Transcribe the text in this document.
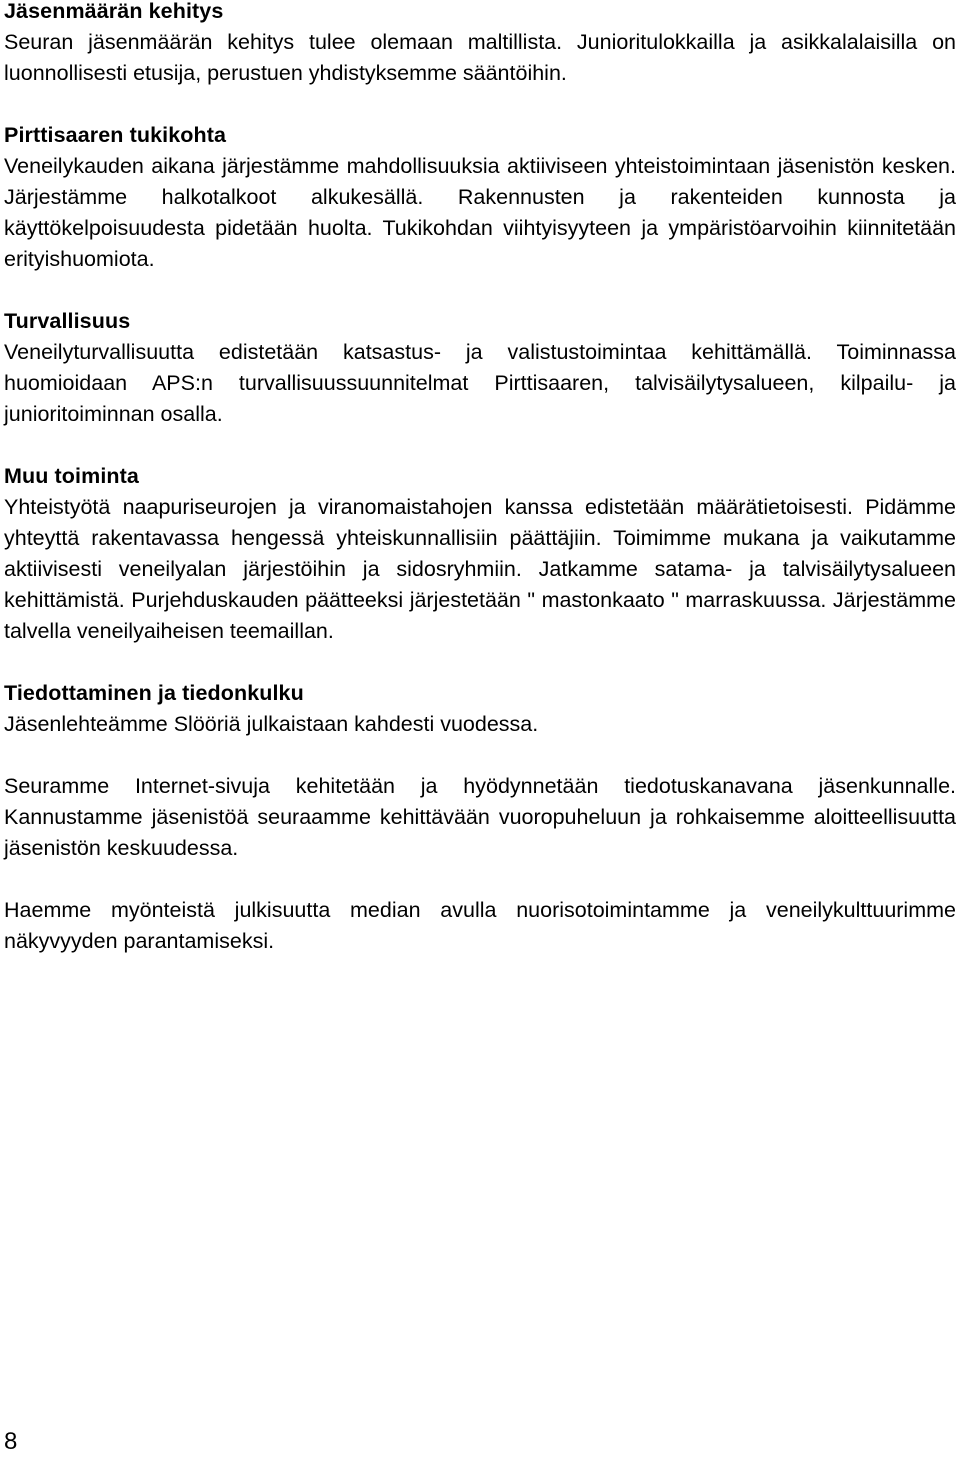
Jäsenmäärän kehitys

Seuran jäsenmäärän kehitys tulee olemaan maltillista. Junioritulokkailla ja asikkalalaisilla on luonnollisesti etusija, perustuen yhdistyksemme sääntöihin.

Pirttisaaren tukikohta

Veneilykauden aikana järjestämme mahdollisuuksia aktiiviseen yhteistoimintaan jäsenistön kesken. Järjestämme halkotalkoot alkukesällä. Rakennusten ja rakenteiden kunnosta ja käyttökelpoisuudesta pidetään huolta. Tukikohdan viihtyisyyteen ja ympäristöarvoihin kiinnitetään erityishuomiota.

Turvallisuus

Veneilyturvallisuutta edistetään katsastus- ja valistustoimintaa kehittämällä. Toiminnassa huomioidaan APS:n turvallisuussuunnitelmat Pirttisaaren, talvisäilytysalueen, kilpailu- ja junioritoiminnan osalla.

Muu toiminta

Yhteistyötä naapuriseurojen ja viranomaistahojen kanssa edistetään määrätietoisesti. Pidämme yhteyttä rakentavassa hengessä yhteiskunnallisiin päättäjiin. Toimimme mukana ja vaikutamme aktiivisesti veneilyalan järjestöihin ja sidosryhmiin. Jatkamme satama- ja talvisäilytysalueen kehittämistä. Purjehduskauden päätteeksi järjestetään " mastonkaato " marraskuussa. Järjestämme talvella veneilyaiheisen teemaillan.

Tiedottaminen ja tiedonkulku

Jäsenlehteämme Slööriä julkaistaan kahdesti vuodessa.

Seuramme Internet-sivuja kehitetään ja hyödynnetään tiedotuskanavana jäsenkunnalle. Kannustamme jäsenistöä seuraamme kehittävään vuoropuheluun ja rohkaisemme aloitteellisuutta jäsenistön keskuudessa.

Haemme myönteistä julkisuutta median avulla nuorisotoimintamme ja veneilykulttuurimme näkyvyyden parantamiseksi.

8
